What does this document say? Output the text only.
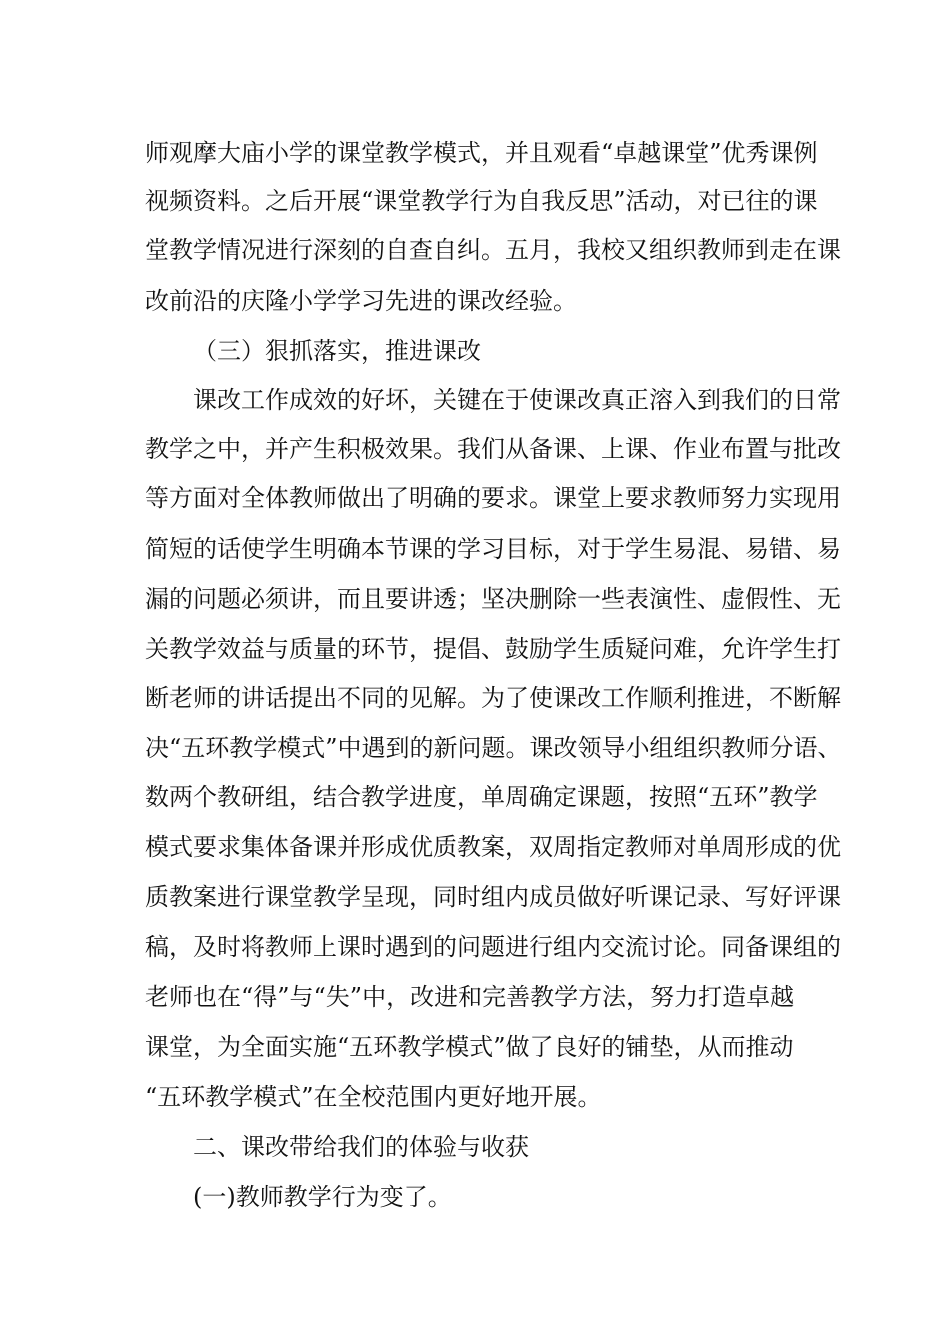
师观摩大庙小学的课堂教学模式，并且观看“卓越课堂”优秀课例
视频资料。之后开展“课堂教学行为自我反思”活动，对已往的课
堂教学情况进行深刻的自查自纠。五月，我校又组织教师到走在课
改前沿的庆隆小学学习先进的课改经验。
（三）狠抓落实，推进课改
课改工作成效的好坏，关键在于使课改真正溶入到我们的日常
教学之中，并产生积极效果。我们从备课、上课、作业布置与批改
等方面对全体教师做出了明确的要求。课堂上要求教师努力实现用
简短的话使学生明确本节课的学习目标，对于学生易混、易错、易
漏的问题必须讲，而且要讲透；坚决删除一些表演性、虚假性、无
关教学效益与质量的环节，提倡、鼓励学生质疑问难，允许学生打
断老师的讲话提出不同的见解。为了使课改工作顺利推进，不断解
决“五环教学模式”中遇到的新问题。课改领导小组组织教师分语、
数两个教研组，结合教学进度，单周确定课题，按照“五环”教学
模式要求集体备课并形成优质教案，双周指定教师对单周形成的优
质教案进行课堂教学呈现，同时组内成员做好听课记录、写好评课
稿，及时将教师上课时遇到的问题进行组内交流讨论。同备课组的
老师也在“得”与“失”中，改进和完善教学方法，努力打造卓越
课堂，为全面实施“五环教学模式”做了良好的铺垫，从而推动
“五环教学模式”在全校范围内更好地开展。
二、课改带给我们的体验与收获
(一)教师教学行为变了。
